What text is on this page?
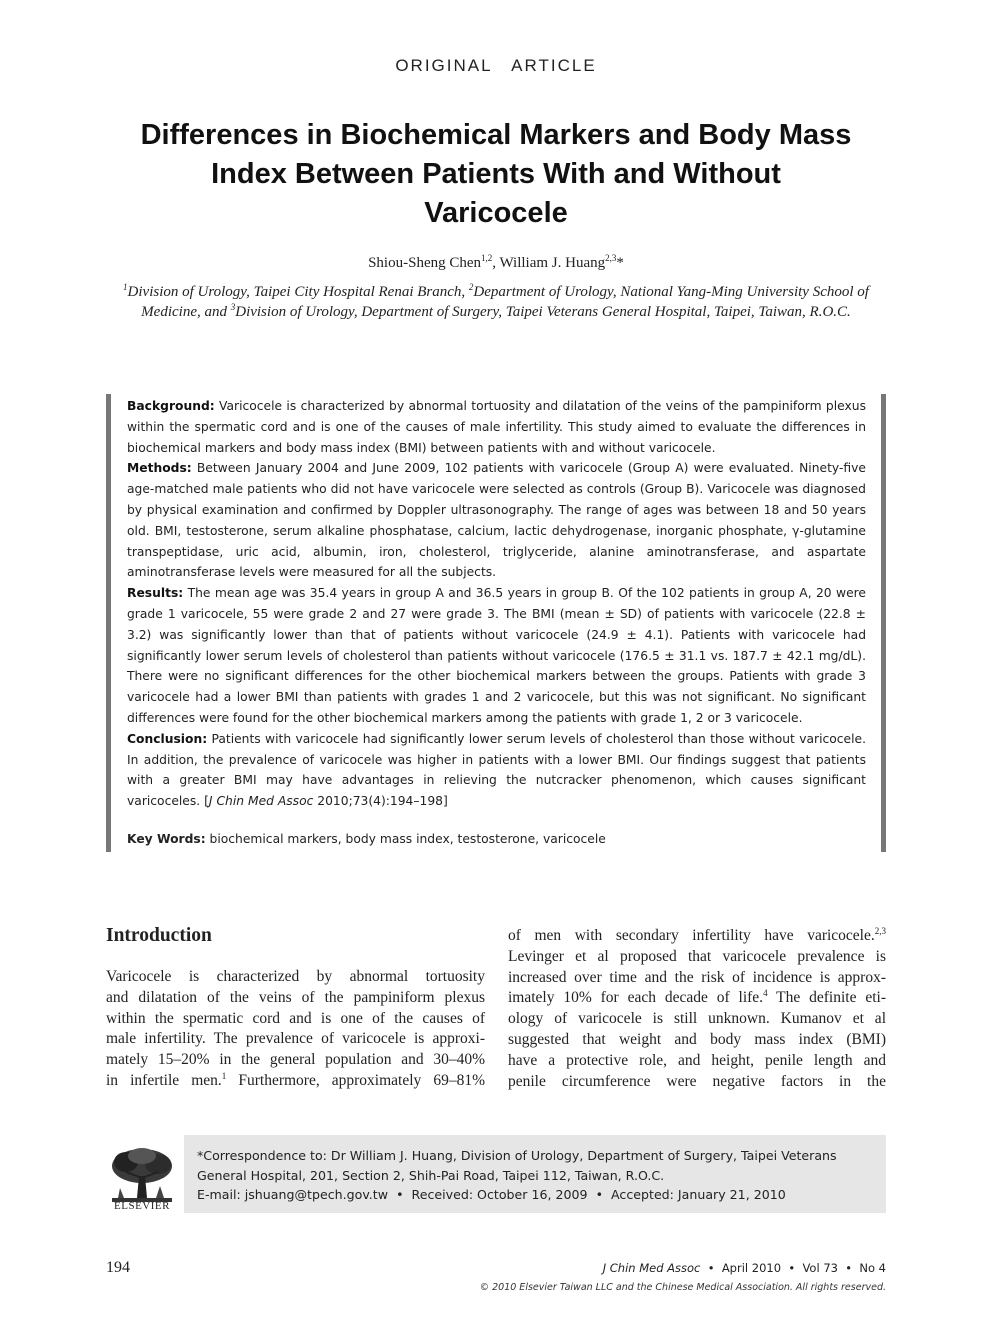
ORIGINAL   ARTICLE
Differences in Biochemical Markers and Body Mass Index Between Patients With and Without Varicocele
Shiou-Sheng Chen$^{1,2}$, William J. Huang$^{2,3}$*
$^1$Division of Urology, Taipei City Hospital Renai Branch, $^2$Department of Urology, National Yang-Ming University School of Medicine, and $^3$Division of Urology, Department of Surgery, Taipei Veterans General Hospital, Taipei, Taiwan, R.O.C.

Background: Varicocele is characterized by abnormal tortuosity and dilatation of the veins of the pampiniform plexus within the spermatic cord and is one of the causes of male infertility. This study aimed to evaluate the differences in biochemical markers and body mass index (BMI) between patients with and without varicocele.

Methods: Between January 2004 and June 2009, 102 patients with varicocele (Group A) were evaluated. Ninety-five age-matched male patients who did not have varicocele were selected as controls (Group B). Varicocele was diagnosed by physical examination and confirmed by Doppler ultrasonography. The range of ages was between 18 and 50 years old. BMI, testosterone, serum alkaline phosphatase, calcium, lactic dehydrogenase, inorganic phosphate, γ-glutamine transpeptidase, uric acid, albumin, iron, cholesterol, triglyceride, alanine aminotransferase, and aspartate aminotransferase levels were measured for all the subjects.

Results: The mean age was 35.4 years in group A and 36.5 years in group B. Of the 102 patients in group A, 20 were grade 1 varicocele, 55 were grade 2 and 27 were grade 3. The BMI (mean ± SD) of patients with varicocele (22.8 ± 3.2) was significantly lower than that of patients without varicocele (24.9 ± 4.1). Patients with varicocele had significantly lower serum levels of cholesterol than patients without varicocele (176.5 ± 31.1 vs. 187.7 ± 42.1 mg/dL). There were no significant differences for the other biochemical markers between the groups. Patients with grade 3 varicocele had a lower BMI than patients with grades 1 and 2 varicocele, but this was not significant. No significant differences were found for the other biochemical markers among the patients with grade 1, 2 or 3 varicocele.

Conclusion: Patients with varicocele had significantly lower serum levels of cholesterol than those without varicocele. In addition, the prevalence of varicocele was higher in patients with a lower BMI. Our findings suggest that patients with a greater BMI may have advantages in relieving the nutcracker phenomenon, which causes significant varicoceles. [J Chin Med Assoc 2010;73(4):194–198]

Key Words: biochemical markers, body mass index, testosterone, varicocele
Introduction
Varicocele is characterized by abnormal tortuosity
and dilatation of the veins of the pampiniform plexus
within the spermatic cord and is one of the causes of
male infertility. The prevalence of varicocele is approxi-
mately 15–20% in the general population and 30–40%
in infertile men.$^1$ Furthermore, approximately 69–81%
of men with secondary infertility have varicocele.$^{2,3}$
Levinger et al proposed that varicocele prevalence is
increased over time and the risk of incidence is approx-
imately 10% for each decade of life.$^4$ The definite eti-
ology of varicocele is still unknown. Kumanov et al
suggested that weight and body mass index (BMI)
have a protective role, and height, penile length and
penile circumference were negative factors in the
ELSEVIER
*Correspondence to: Dr William J. Huang, Division of Urology, Department of Surgery, Taipei Veterans
General Hospital, 201, Section 2, Shih-Pai Road, Taipei 112, Taiwan, R.O.C.
E-mail: jshuang@tpech.gov.tw • Received: October 16, 2009 • Accepted: January 21, 2010
194	J Chin Med Assoc • April 2010 • Vol 73 • No 4
© 2010 Elsevier Taiwan LLC and the Chinese Medical Association. All rights reserved.
